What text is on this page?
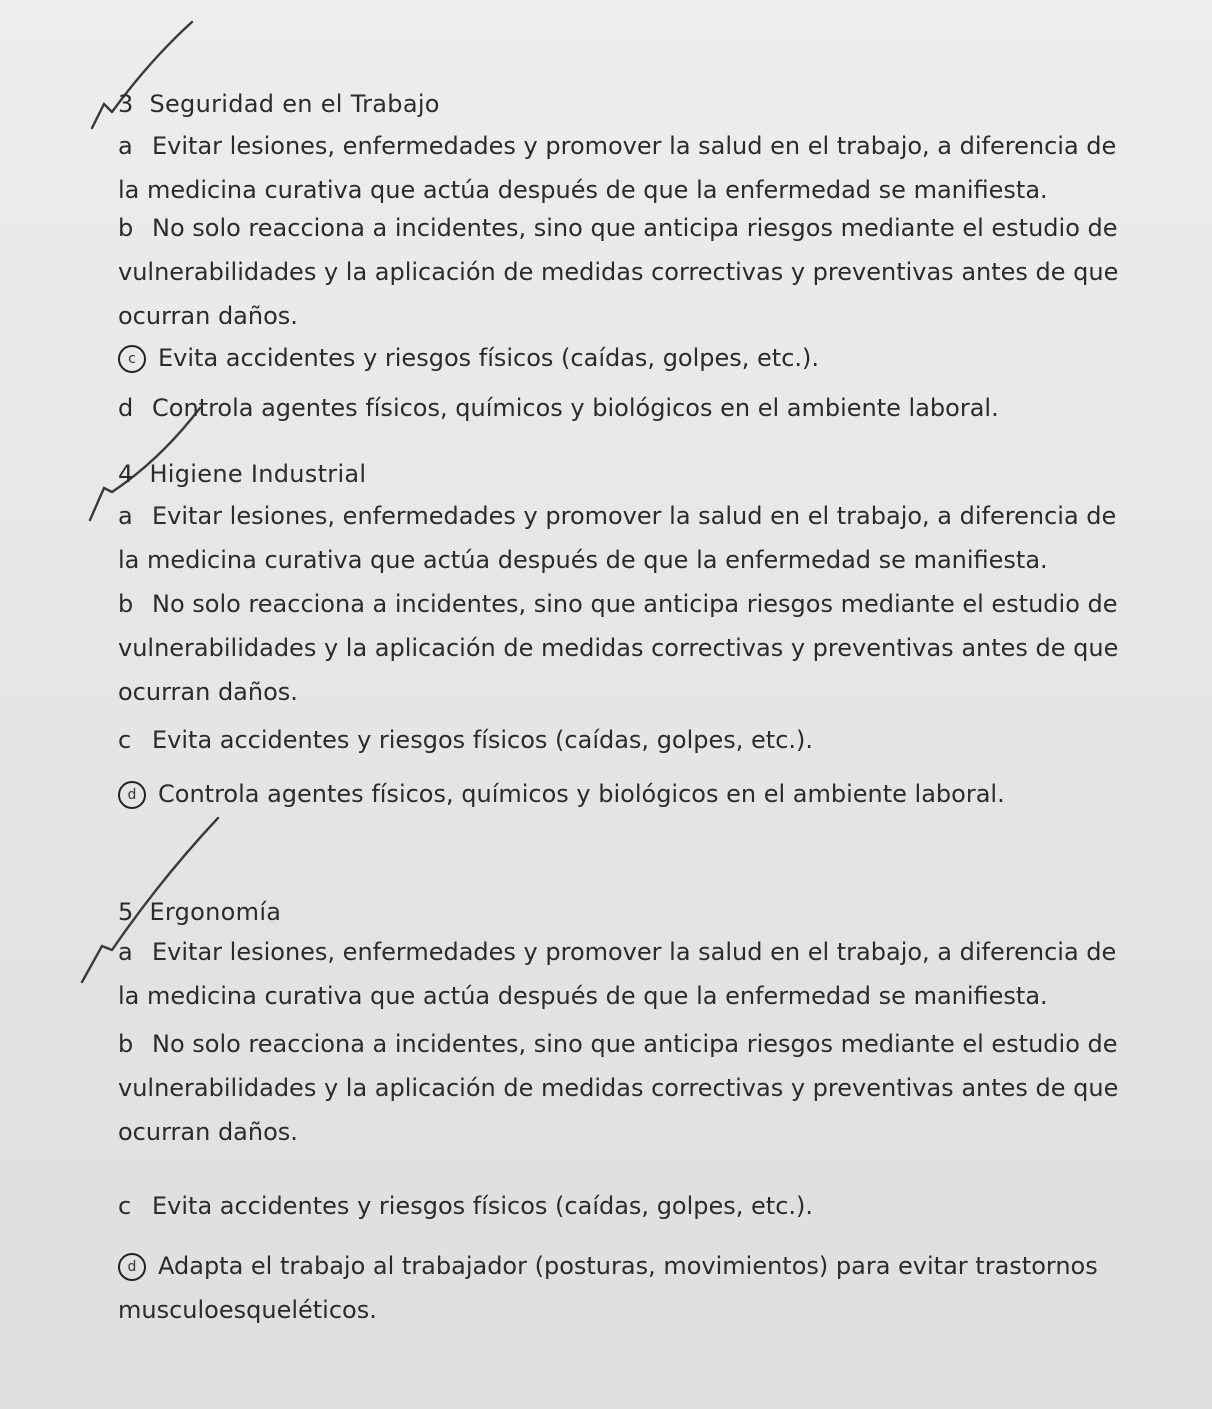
3 Seguridad en el Trabajo
a Evitar lesiones, enfermedades y promover la salud en el trabajo, a diferencia de
la medicina curativa que actúa después de que la enfermedad se manifiesta.
b No solo reacciona a incidentes, sino que anticipa riesgos mediante el estudio de
vulnerabilidades y la aplicación de medidas correctivas y preventivas antes de que
ocurran daños.
c Evita accidentes y riesgos físicos (caídas, golpes, etc.).
d Controla agentes físicos, químicos y biológicos en el ambiente laboral.
4 Higiene Industrial
a Evitar lesiones, enfermedades y promover la salud en el trabajo, a diferencia de
la medicina curativa que actúa después de que la enfermedad se manifiesta.
b No solo reacciona a incidentes, sino que anticipa riesgos mediante el estudio de
vulnerabilidades y la aplicación de medidas correctivas y preventivas antes de que
ocurran daños.
c Evita accidentes y riesgos físicos (caídas, golpes, etc.).
d Controla agentes físicos, químicos y biológicos en el ambiente laboral.
5 Ergonomía
a Evitar lesiones, enfermedades y promover la salud en el trabajo, a diferencia de
la medicina curativa que actúa después de que la enfermedad se manifiesta.
b No solo reacciona a incidentes, sino que anticipa riesgos mediante el estudio de
vulnerabilidades y la aplicación de medidas correctivas y preventivas antes de que
ocurran daños.
c Evita accidentes y riesgos físicos (caídas, golpes, etc.).
d Adapta el trabajo al trabajador (posturas, movimientos) para evitar trastornos
musculoesqueléticos.
